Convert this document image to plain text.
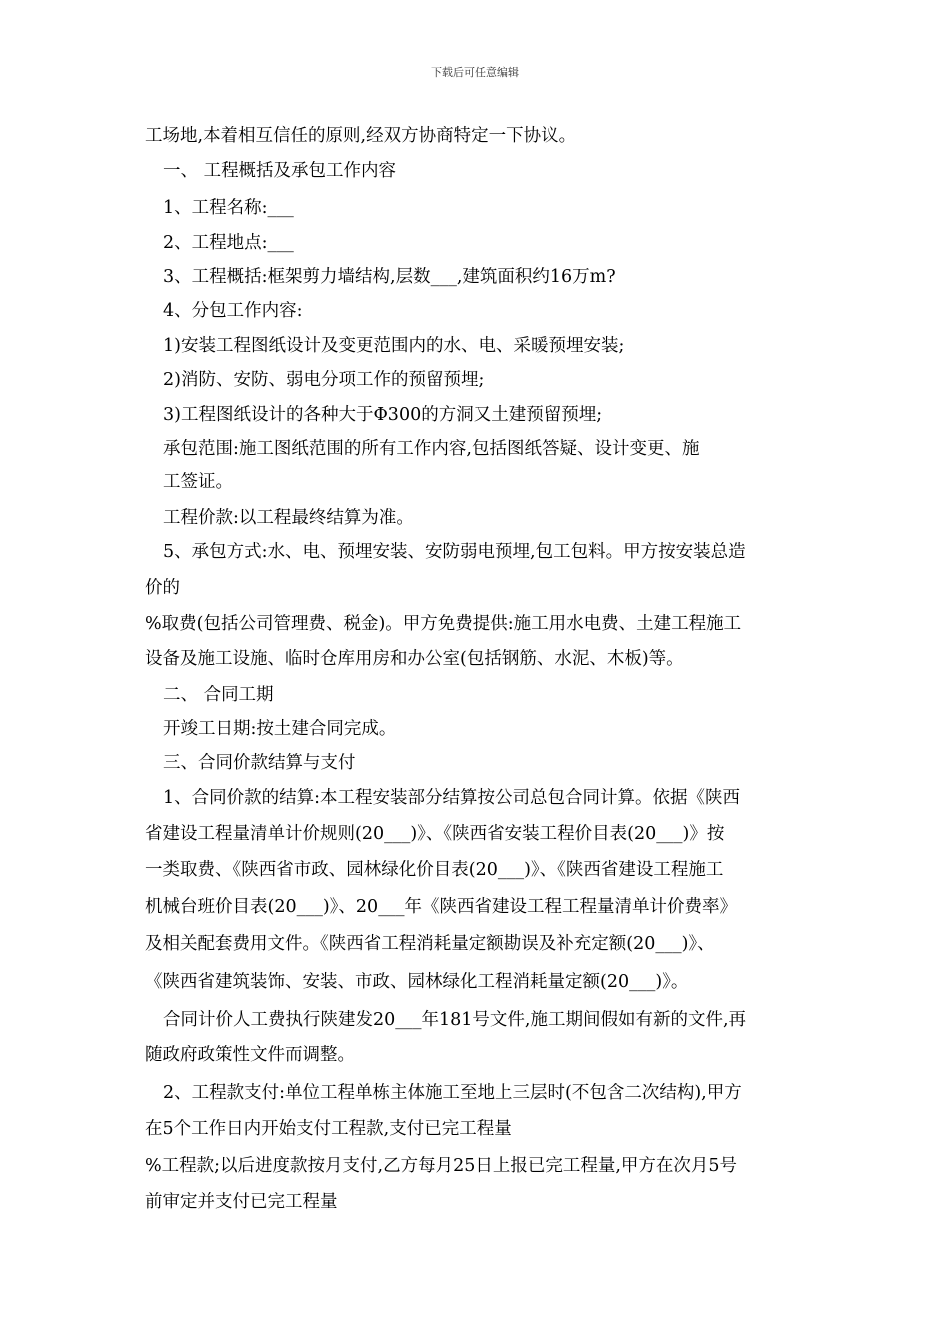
下载后可任意编辑
工场地,本着相互信任的原则,经双方协商特定一下协议。
一、 工程概括及承包工作内容
1、工程名称:___
2、工程地点:___
3、工程概括:框架剪力墙结构,层数___,建筑面积约16万m?
4、分包工作内容:
1)安装工程图纸设计及变更范围内的水、电、采暖预埋安装;
2)消防、安防、弱电分项工作的预留预埋;
3)工程图纸设计的各种大于Φ300的方洞又土建预留预埋;
承包范围:施工图纸范围的所有工作内容,包括图纸答疑、设计变更、施
工签证。
工程价款:以工程最终结算为准。
5、承包方式:水、电、预埋安装、安防弱电预埋,包工包料。甲方按安装总造
价的
%取费(包括公司管理费、税金)。甲方免费提供:施工用水电费、土建工程施工
设备及施工设施、临时仓库用房和办公室(包括钢筋、水泥、木板)等。
二、 合同工期
开竣工日期:按土建合同完成。
三、合同价款结算与支付
1、合同价款的结算:本工程安装部分结算按公司总包合同计算。依据《陕西
省建设工程量清单计价规则(20___)》、《陕西省安装工程价目表(20___)》按
一类取费、《陕西省市政、园林绿化价目表(20___)》、《陕西省建设工程施工
机械台班价目表(20___)》、20___年《陕西省建设工程工程量清单计价费率》
及相关配套费用文件。《陕西省工程消耗量定额勘误及补充定额(20___)》、
《陕西省建筑装饰、安装、市政、园林绿化工程消耗量定额(20___)》。
合同计价人工费执行陕建发20___年181号文件,施工期间假如有新的文件,再
随政府政策性文件而调整。
2、工程款支付:单位工程单栋主体施工至地上三层时(不包含二次结构),甲方
在5个工作日内开始支付工程款,支付已完工程量
%工程款;以后进度款按月支付,乙方每月25日上报已完工程量,甲方在次月5号
前审定并支付已完工程量
